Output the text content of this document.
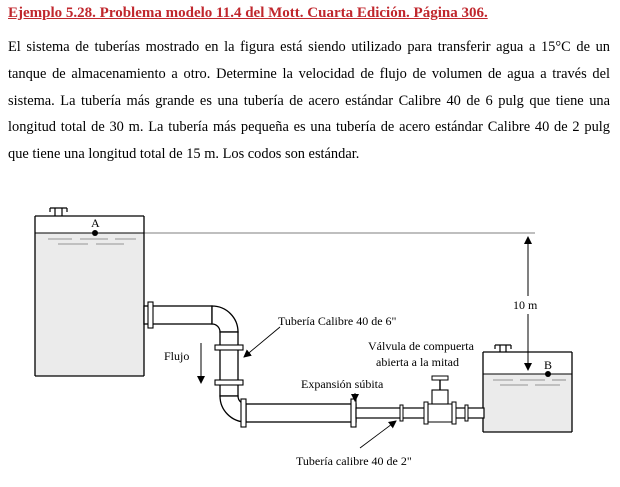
Ejemplo 5.28. Problema modelo 11.4 del Mott. Cuarta Edición. Página 306.

El sistema de tuberías mostrado en la figura está siendo utilizado para transferir agua a 15°C de un tanque de almacenamiento a otro. Determine la velocidad de flujo de volumen de agua a través del sistema. La tubería más grande es una tubería de acero estándar Calibre 40 de 6 pulg que tiene una longitud total de 30 m. La tubería más pequeña es una tubería de acero estándar Calibre 40 de 2 pulg que tiene una longitud total de 15 m. Los codos son estándar.

A
B
10 m
Flujo
Tubería Calibre 40 de 6"
Válvula de compuerta
abierta a la mitad
Expansión súbita
Tubería calibre 40 de 2"
